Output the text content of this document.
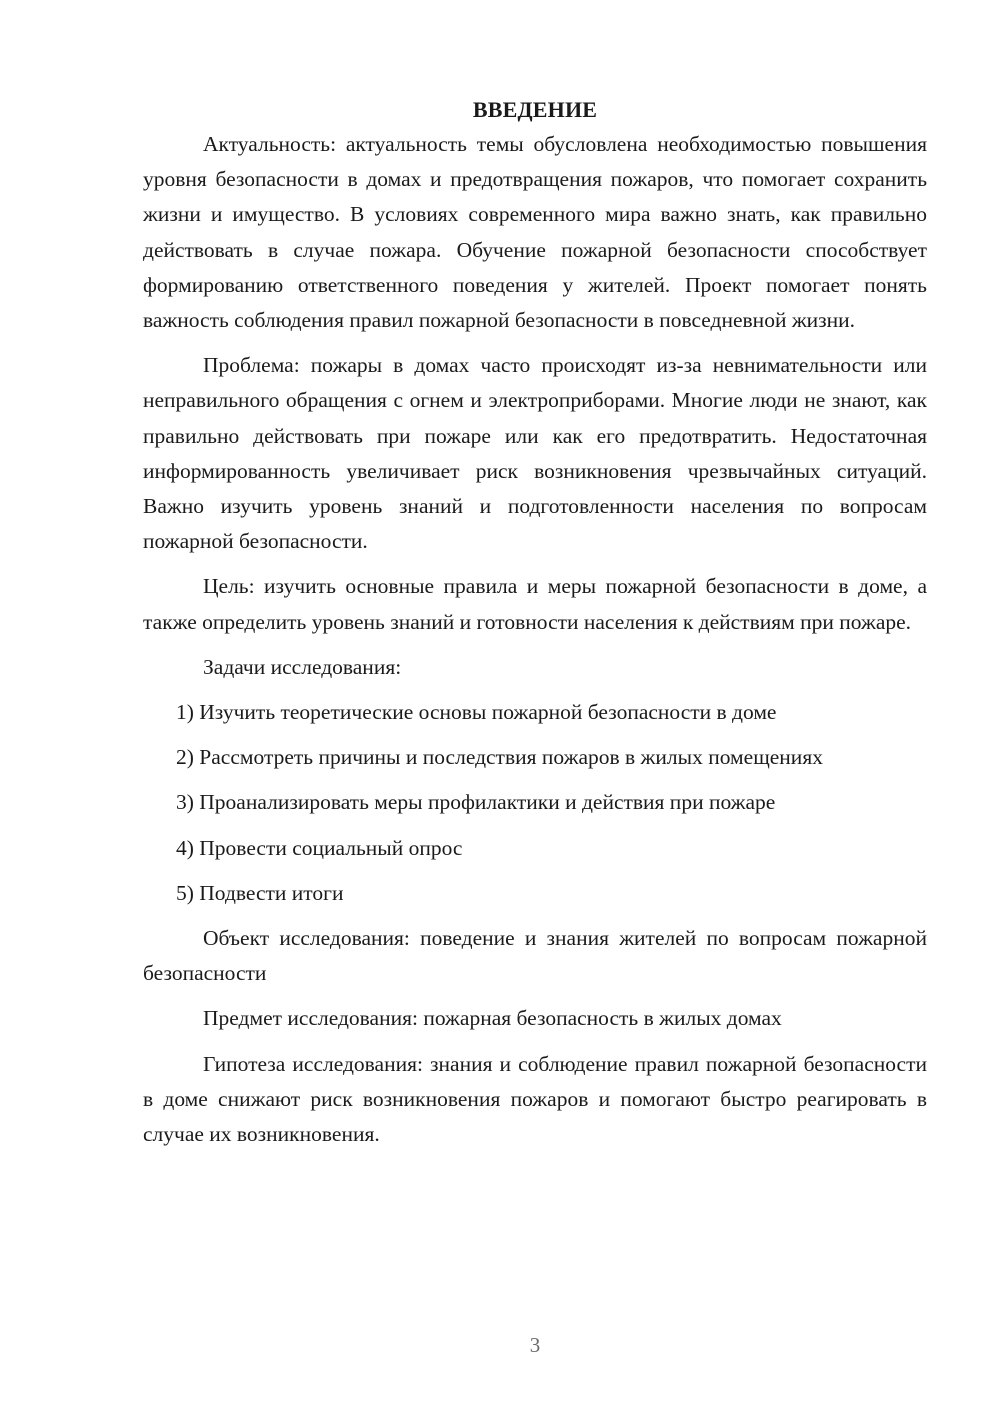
ВВЕДЕНИЕ

Актуальность: актуальность темы обусловлена необходимостью повышения уровня безопасности в домах и предотвращения пожаров, что помогает сохранить жизни и имущество. В условиях современного мира важно знать, как правильно действовать в случае пожара. Обучение пожарной безопасности способствует формированию ответственного поведения у жителей. Проект помогает понять важность соблюдения правил пожарной безопасности в повседневной жизни.

Проблема: пожары в домах часто происходят из-за невнимательности или неправильного обращения с огнем и электроприборами. Многие люди не знают, как правильно действовать при пожаре или как его предотвратить. Недостаточная информированность увеличивает риск возникновения чрезвычайных ситуаций. Важно изучить уровень знаний и подготовленности населения по вопросам пожарной безопасности.

Цель: изучить основные правила и меры пожарной безопасности в доме, а также определить уровень знаний и готовности населения к действиям при пожаре.

Задачи исследования:

1) Изучить теоретические основы пожарной безопасности в доме
2) Рассмотреть причины и последствия пожаров в жилых помещениях
3) Проанализировать меры профилактики и действия при пожаре
4) Провести социальный опрос
5) Подвести итоги

Объект исследования: поведение и знания жителей по вопросам пожарной безопасности

Предмет исследования: пожарная безопасность в жилых домах

Гипотеза исследования: знания и соблюдение правил пожарной безопасности в доме снижают риск возникновения пожаров и помогают быстро реагировать в случае их возникновения.

3
